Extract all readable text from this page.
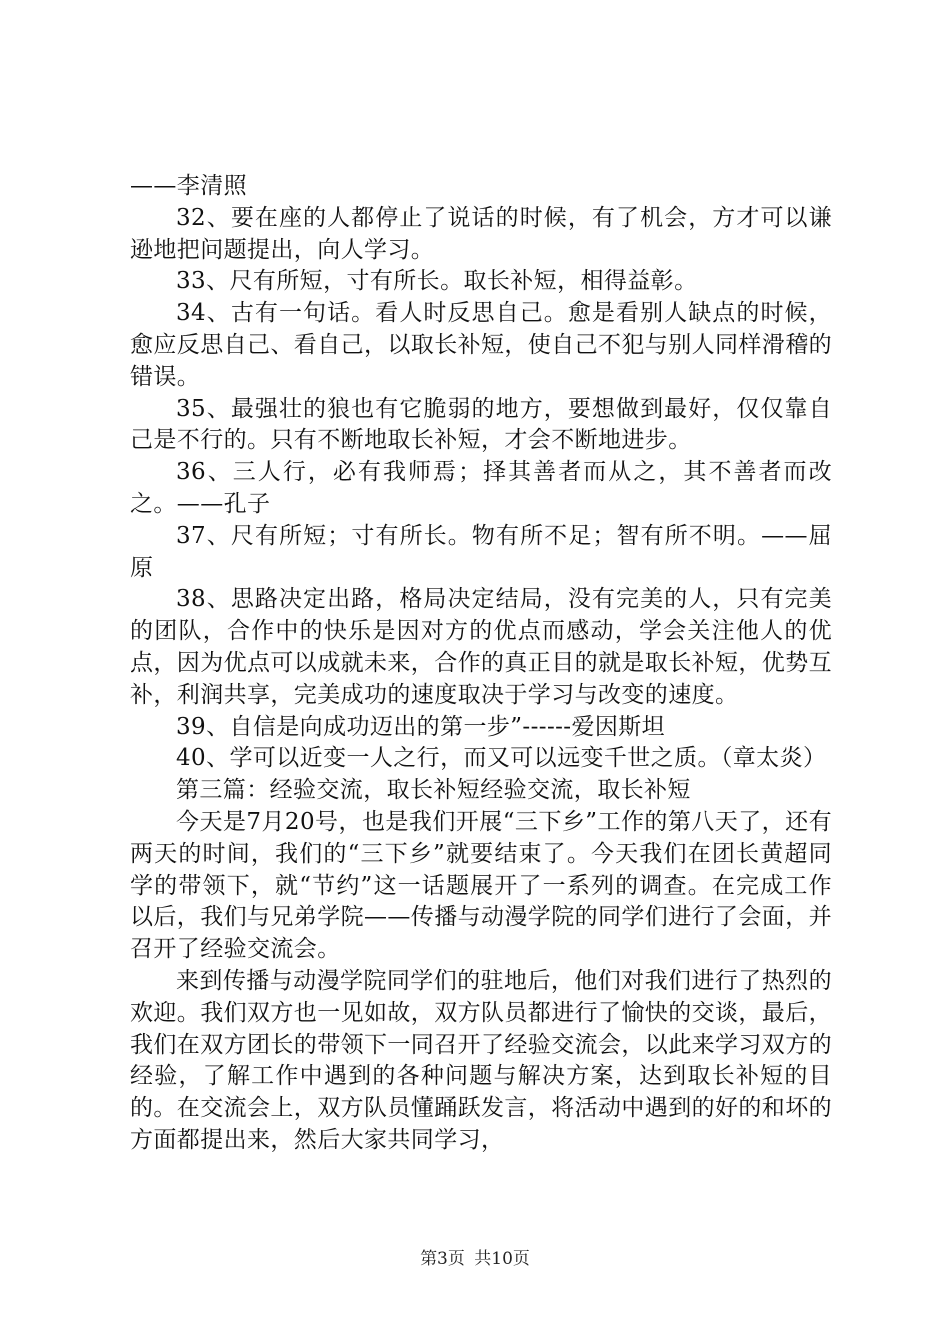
——李清照

32、要在座的人都停止了说话的时候，有了机会，方才可以谦逊地把问题提出，向人学习。

33、尺有所短，寸有所长。取长补短，相得益彰。

34、古有一句话。看人时反思自己。愈是看别人缺点的时候，愈应反思自己、看自己，以取长补短，使自己不犯与别人同样滑稽的错误。

35、最强壮的狼也有它脆弱的地方，要想做到最好，仅仅靠自己是不行的。只有不断地取长补短，才会不断地进步。

36、三人行，必有我师焉；择其善者而从之，其不善者而改之。——孔子

37、尺有所短；寸有所长。物有所不足；智有所不明。——屈原

38、思路决定出路，格局决定结局，没有完美的人，只有完美的团队，合作中的快乐是因对方的优点而感动，学会关注他人的优点，因为优点可以成就未来，合作的真正目的就是取长补短，优势互补，利润共享，完美成功的速度取决于学习与改变的速度。

39、自信是向成功迈出的第一步”------爱因斯坦

40、学可以近变一人之行，而又可以远变千世之质。（章太炎）

第三篇：经验交流，取长补短经验交流，取长补短

今天是7月20号，也是我们开展“三下乡”工作的第八天了，还有两天的时间，我们的“三下乡”就要结束了。今天我们在团长黄超同学的带领下，就“节约”这一话题展开了一系列的调查。在完成工作以后，我们与兄弟学院——传播与动漫学院的同学们进行了会面，并召开了经验交流会。

来到传播与动漫学院同学们的驻地后，他们对我们进行了热烈的欢迎。我们双方也一见如故，双方队员都进行了愉快的交谈，最后，我们在双方团长的带领下一同召开了经验交流会，以此来学习双方的经验，了解工作中遇到的各种问题与解决方案，达到取长补短的目的。在交流会上，双方队员懂踊跃发言，将活动中遇到的好的和坏的方面都提出来，然后大家共同学习，

第3页 共10页
